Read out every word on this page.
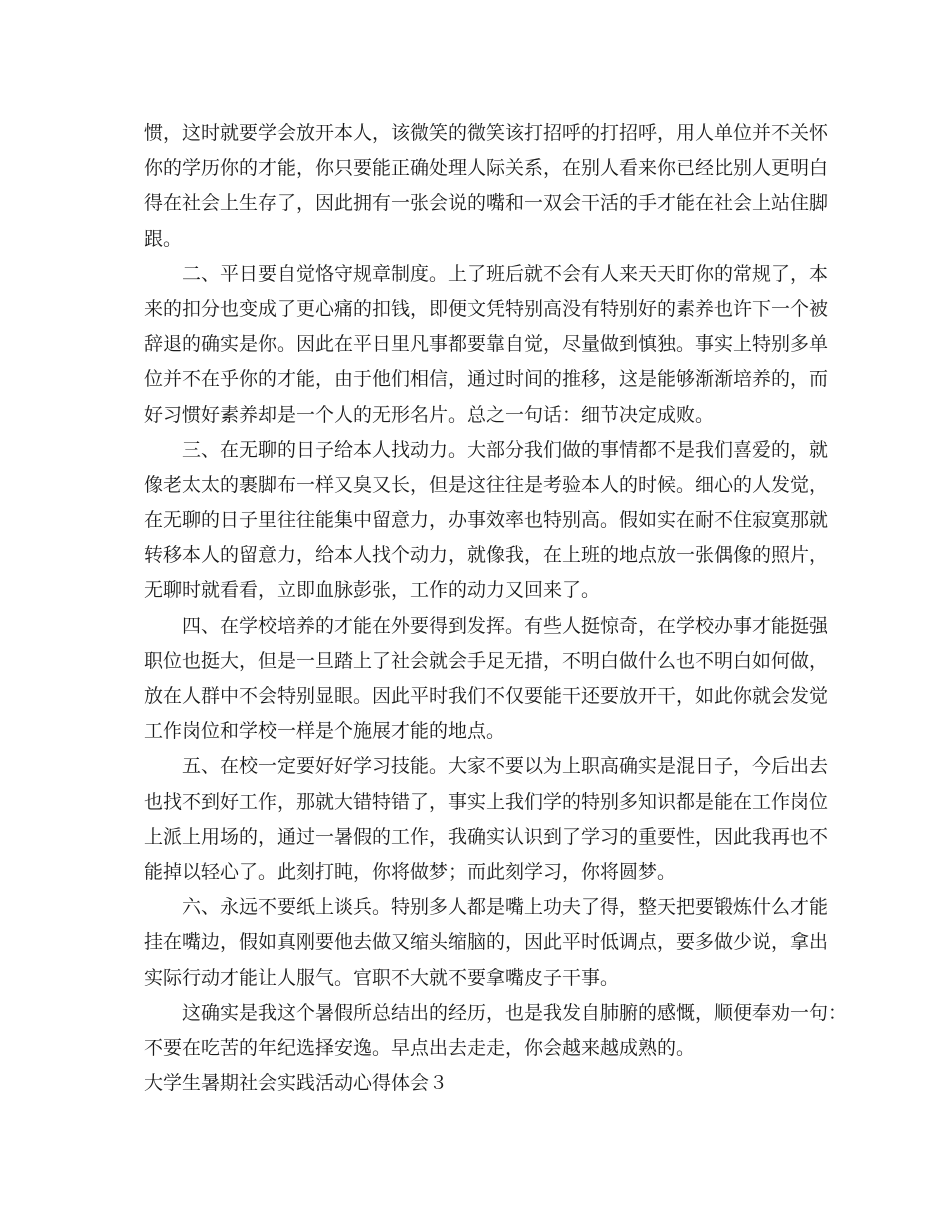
惯，这时就要学会放开本人，该微笑的微笑该打招呼的打招呼，用人单位并不关怀
你的学历你的才能，你只要能正确处理人际关系，在别人看来你已经比别人更明白
得在社会上生存了，因此拥有一张会说的嘴和一双会干活的手才能在社会上站住脚
跟。
二、平日要自觉恪守规章制度。上了班后就不会有人来天天盯你的常规了，本
来的扣分也变成了更心痛的扣钱，即便文凭特别高没有特别好的素养也许下一个被
辞退的确实是你。因此在平日里凡事都要靠自觉，尽量做到慎独。事实上特别多单
位并不在乎你的才能，由于他们相信，通过时间的推移，这是能够渐渐培养的，而
好习惯好素养却是一个人的无形名片。总之一句话：细节决定成败。
三、在无聊的日子给本人找动力。大部分我们做的事情都不是我们喜爱的，就
像老太太的裹脚布一样又臭又长，但是这往往是考验本人的时候。细心的人发觉，
在无聊的日子里往往能集中留意力，办事效率也特别高。假如实在耐不住寂寞那就
转移本人的留意力，给本人找个动力，就像我，在上班的地点放一张偶像的照片，
无聊时就看看，立即血脉彭张，工作的动力又回来了。
四、在学校培养的才能在外要得到发挥。有些人挺惊奇，在学校办事才能挺强
职位也挺大，但是一旦踏上了社会就会手足无措，不明白做什么也不明白如何做，
放在人群中不会特别显眼。因此平时我们不仅要能干还要放开干，如此你就会发觉
工作岗位和学校一样是个施展才能的地点。
五、在校一定要好好学习技能。大家不要以为上职高确实是混日子，今后出去
也找不到好工作，那就大错特错了，事实上我们学的特别多知识都是能在工作岗位
上派上用场的，通过一暑假的工作，我确实认识到了学习的重要性，因此我再也不
能掉以轻心了。此刻打盹，你将做梦；而此刻学习，你将圆梦。
六、永远不要纸上谈兵。特别多人都是嘴上功夫了得，整天把要锻炼什么才能
挂在嘴边，假如真刚要他去做又缩头缩脑的，因此平时低调点，要多做少说，拿出
实际行动才能让人服气。官职不大就不要拿嘴皮子干事。
这确实是我这个暑假所总结出的经历，也是我发自肺腑的感慨，顺便奉劝一句：
不要在吃苦的年纪选择安逸。早点出去走走，你会越来越成熟的。
大学生暑期社会实践活动心得体会３
